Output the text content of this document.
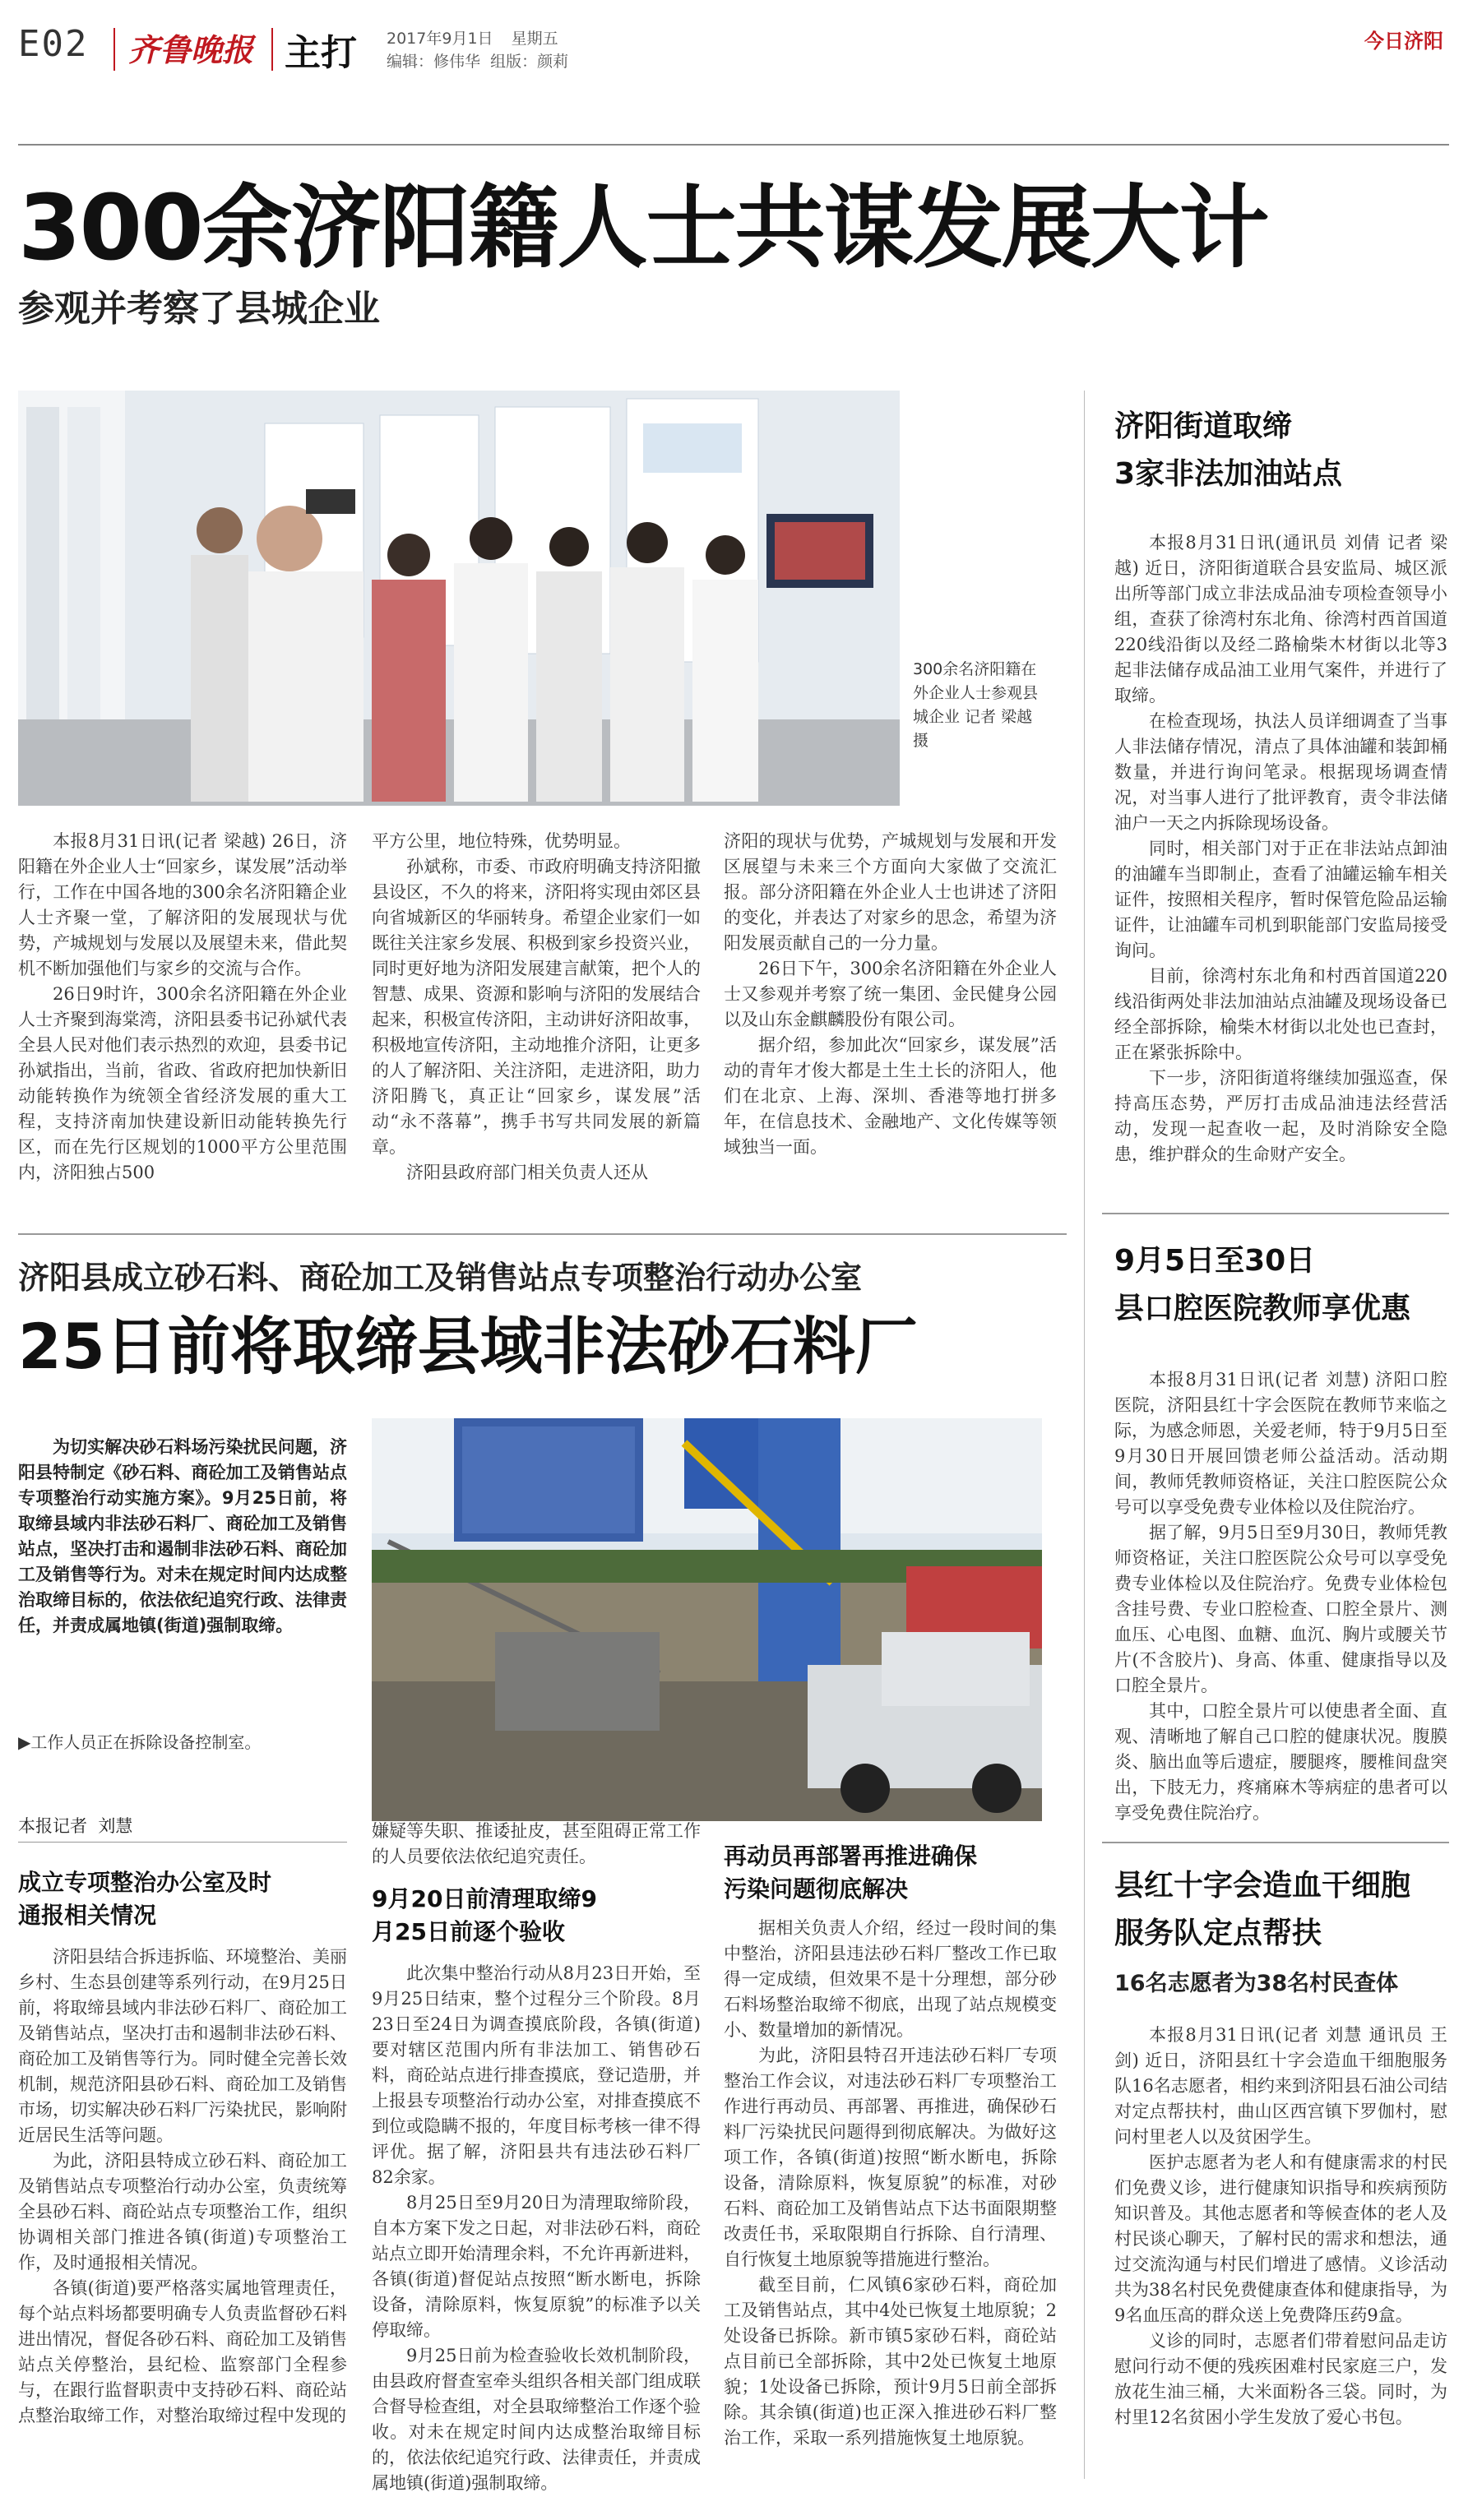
E02 齐鲁晚报 主打 2017年9月1日 星期五
编辑：修伟华  组版：颜莉
今日济阳
300余济阳籍人士共谋发展大计
参观并考察了县城企业
300余名济阳籍在外企业人士参观县城企业 记者 梁越 摄

本报8月31日讯(记者 梁越) 26日，济阳籍在外企业人士“回家乡，谋发展”活动举行，工作在中国各地的300余名济阳籍企业人士齐聚一堂，了解济阳的发展现状与优势，产城规划与发展以及展望未来，借此契机不断加强他们与家乡的交流与合作。

26日9时许，300余名济阳籍在外企业人士齐聚到海棠湾，济阳县委书记孙斌代表全县人民对他们表示热烈的欢迎，县委书记孙斌指出，当前，省政、省政府把加快新旧动能转换作为统领全省经济发展的重大工程，支持济南加快建设新旧动能转换先行区，而在先行区规划的1000平方公里范围内，济阳独占500

平方公里，地位特殊，优势明显。

孙斌称，市委、市政府明确支持济阳撤县设区，不久的将来，济阳将实现由郊区县向省城新区的华丽转身。希望企业家们一如既往关注家乡发展、积极到家乡投资兴业，同时更好地为济阳发展建言献策，把个人的智慧、成果、资源和影响与济阳的发展结合起来，积极宣传济阳，主动讲好济阳故事，积极地宣传济阳，主动地推介济阳，让更多的人了解济阳、关注济阳，走进济阳，助力济阳腾飞，真正让“回家乡，谋发展”活动“永不落幕”，携手书写共同发展的新篇章。

济阳县政府部门相关负责人还从

济阳的现状与优势，产城规划与发展和开发区展望与未来三个方面向大家做了交流汇报。部分济阳籍在外企业人士也讲述了济阳的变化，并表达了对家乡的思念，希望为济阳发展贡献自己的一分力量。

26日下午，300余名济阳籍在外企业人士又参观并考察了统一集团、金民健身公园以及山东金麒麟股份有限公司。

据介绍，参加此次“回家乡，谋发展”活动的青年才俊大都是土生土长的济阳人，他们在北京、上海、深圳、香港等地打拼多年，在信息技术、金融地产、文化传媒等领域独当一面。

济阳县成立砂石料、商砼加工及销售站点专项整治行动办公室
25日前将取缔县域非法砂石料厂
为切实解决砂石料场污染扰民问题，济阳县特制定《砂石料、商砼加工及销售站点专项整治行动实施方案》。9月25日前，将取缔县域内非法砂石料厂、商砼加工及销售站点，坚决打击和遏制非法砂石料、商砼加工及销售等行为。对未在规定时间内达成整治取缔目标的，依法依纪追究行政、法律责任，并责成属地镇(街道)强制取缔。
▶工作人员正在拆除设备控制室。
本报记者  刘慧
成立专项整治办公室及时通报相关情况

济阳县结合拆违拆临、环境整治、美丽乡村、生态县创建等系列行动，在9月25日前，将取缔县域内非法砂石料厂、商砼加工及销售站点，坚决打击和遏制非法砂石料、商砼加工及销售等行为。同时健全完善长效机制，规范济阳县砂石料、商砼加工及销售市场，切实解决砂石料厂污染扰民，影响附近居民生活等问题。

为此，济阳县特成立砂石料、商砼加工及销售站点专项整治行动办公室，负责统筹全县砂石料、商砼站点专项整治工作，组织协调相关部门推进各镇(街道)专项整治工作，及时通报相关情况。

各镇(街道)要严格落实属地管理责任，每个站点料场都要明确专人负责监督砂石料进出情况，督促各砂石料、商砼加工及销售站点关停整治，县纪检、监察部门全程参与，在跟行监督职责中支持砂石料、商砼站点整治取缔工作，对整治取缔过程中发现的

嫌疑等失职、推诿扯皮，甚至阻碍正常工作的人员要依法依纪追究责任。

9月20日前清理取缔9月25日前逐个验收

此次集中整治行动从8月23日开始，至9月25日结束，整个过程分三个阶段。8月23日至24日为调查摸底阶段，各镇(街道)要对辖区范围内所有非法加工、销售砂石料，商砼站点进行排查摸底，登记造册，并上报县专项整治行动办公室，对排查摸底不到位或隐瞒不报的，年度目标考核一律不得评优。据了解，济阳县共有违法砂石料厂82余家。

8月25日至9月20日为清理取缔阶段，自本方案下发之日起，对非法砂石料，商砼站点立即开始清理余料，不允许再新进料，各镇(街道)督促站点按照“断水断电，拆除设备，清除原料，恢复原貌”的标准予以关停取缔。

9月25日前为检查验收长效机制阶段，由县政府督查室牵头组织各相关部门组成联合督导检查组，对全县取缔整治工作逐个验收。对未在规定时间内达成整治取缔目标的，依法依纪追究行政、法律责任，并责成属地镇(街道)强制取缔。

再动员再部署再推进确保污染问题彻底解决

据相关负责人介绍，经过一段时间的集中整治，济阳县违法砂石料厂整改工作已取得一定成绩，但效果不是十分理想，部分砂石料场整治取缔不彻底，出现了站点规模变小、数量增加的新情况。

为此，济阳县特召开违法砂石料厂专项整治工作会议，对违法砂石料厂专项整治工作进行再动员、再部署、再推进，确保砂石料厂污染扰民问题得到彻底解决。为做好这项工作，各镇(街道)按照“断水断电，拆除设备，清除原料，恢复原貌”的标准，对砂石料、商砼加工及销售站点下达书面限期整改责任书，采取限期自行拆除、自行清理、自行恢复土地原貌等措施进行整治。

截至目前，仁风镇6家砂石料，商砼加工及销售站点，其中4处已恢复土地原貌；2处设备已拆除。新市镇5家砂石料，商砼站点目前已全部拆除，其中2处已恢复土地原貌；1处设备已拆除，预计9月5日前全部拆除。其余镇(街道)也正深入推进砂石料厂整治工作，采取一系列措施恢复土地原貌。

济阳街道取缔
3家非法加油站点

本报8月31日讯(通讯员 刘倩 记者 梁越) 近日，济阳街道联合县安监局、城区派出所等部门成立非法成品油专项检查领导小组，查获了徐湾村东北角、徐湾村西首国道220线沿街以及经二路榆柴木材街以北等3起非法储存成品油工业用气案件，并进行了取缔。

在检查现场，执法人员详细调查了当事人非法储存情况，清点了具体油罐和装卸桶数量，并进行询问笔录。根据现场调查情况，对当事人进行了批评教育，责令非法储油户一天之内拆除现场设备。

同时，相关部门对于正在非法站点卸油的油罐车当即制止，查看了油罐运输车相关证件，按照相关程序，暂时保管危险品运输证件，让油罐车司机到职能部门安监局接受询问。

目前，徐湾村东北角和村西首国道220线沿街两处非法加油站点油罐及现场设备已经全部拆除，榆柴木材街以北处也已查封，正在紧张拆除中。

下一步，济阳街道将继续加强巡查，保持高压态势，严厉打击成品油违法经营活动，发现一起查收一起，及时消除安全隐患，维护群众的生命财产安全。

9月5日至30日
县口腔医院教师享优惠

本报8月31日讯(记者 刘慧) 济阳口腔医院，济阳县红十字会医院在教师节来临之际，为感念师恩，关爱老师，特于9月5日至9月30日开展回馈老师公益活动。活动期间，教师凭教师资格证，关注口腔医院公众号可以享受免费专业体检以及住院治疗。

据了解，9月5日至9月30日，教师凭教师资格证，关注口腔医院公众号可以享受免费专业体检以及住院治疗。免费专业体检包含挂号费、专业口腔检查、口腔全景片、测血压、心电图、血糖、血沉、胸片或腰关节片(不含胶片)、身高、体重、健康指导以及口腔全景片。

其中，口腔全景片可以使患者全面、直观、清晰地了解自己口腔的健康状况。腹膜炎、脑出血等后遗症，腰腿疼，腰椎间盘突出，下肢无力，疼痛麻木等病症的患者可以享受免费住院治疗。

县红十字会造血干细胞
服务队定点帮扶
16名志愿者为38名村民查体

本报8月31日讯(记者 刘慧 通讯员 王剑) 近日，济阳县红十字会造血干细胞服务队16名志愿者，相约来到济阳县石油公司结对定点帮扶村，曲山区西宫镇下罗伽村，慰问村里老人以及贫困学生。

医护志愿者为老人和有健康需求的村民们免费义诊，进行健康知识指导和疾病预防知识普及。其他志愿者和等候查体的老人及村民谈心聊天，了解村民的需求和想法，通过交流沟通与村民们增进了感情。义诊活动共为38名村民免费健康查体和健康指导，为9名血压高的群众送上免费降压药9盒。

义诊的同时，志愿者们带着慰问品走访慰问行动不便的残疾困难村民家庭三户，发放花生油三桶，大米面粉各三袋。同时，为村里12名贫困小学生发放了爱心书包。
